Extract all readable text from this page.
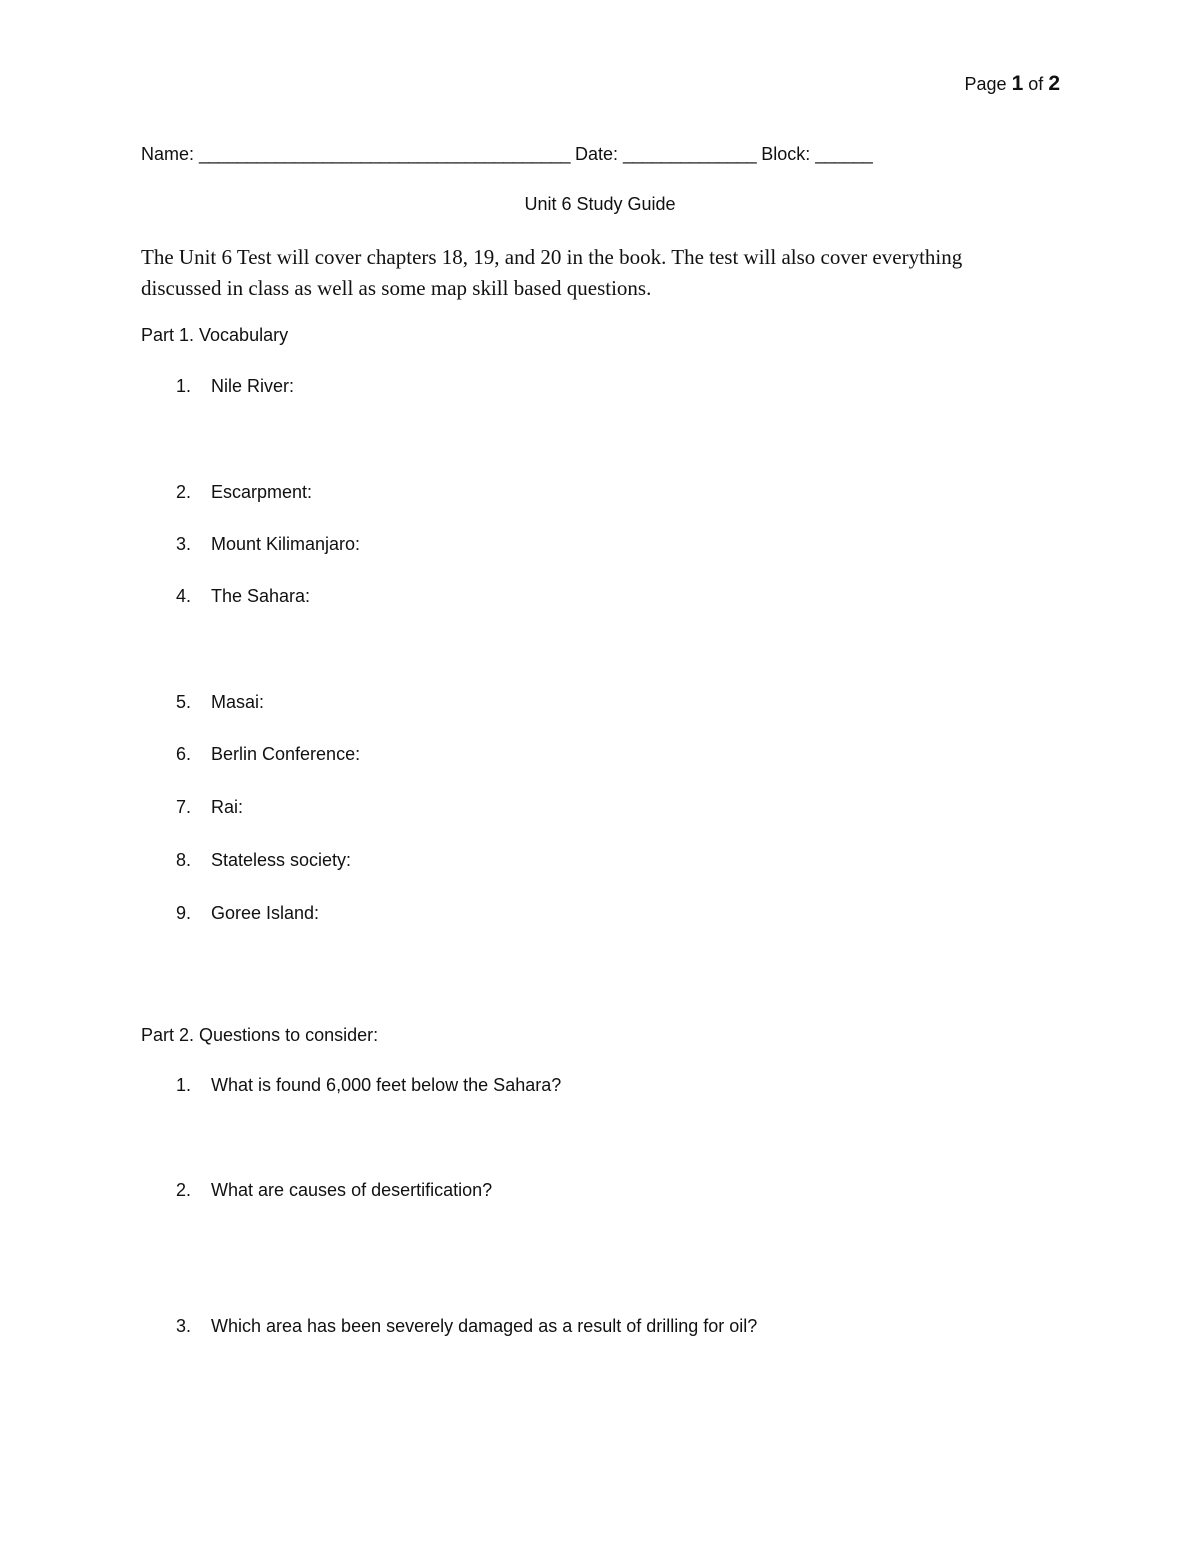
Page 1 of 2
Name: _______________________________________ Date: ______________ Block: ______
Unit 6 Study Guide
The Unit 6 Test will cover chapters 18, 19, and 20 in the book. The test will also cover everything discussed in class as well as some map skill based questions.
Part 1. Vocabulary
1. Nile River:
2. Escarpment:
3. Mount Kilimanjaro:
4. The Sahara:
5. Masai:
6. Berlin Conference:
7. Rai:
8. Stateless society:
9. Goree Island:
Part 2. Questions to consider:
1. What is found 6,000 feet below the Sahara?
2. What are causes of desertification?
3. Which area has been severely damaged as a result of drilling for oil?
